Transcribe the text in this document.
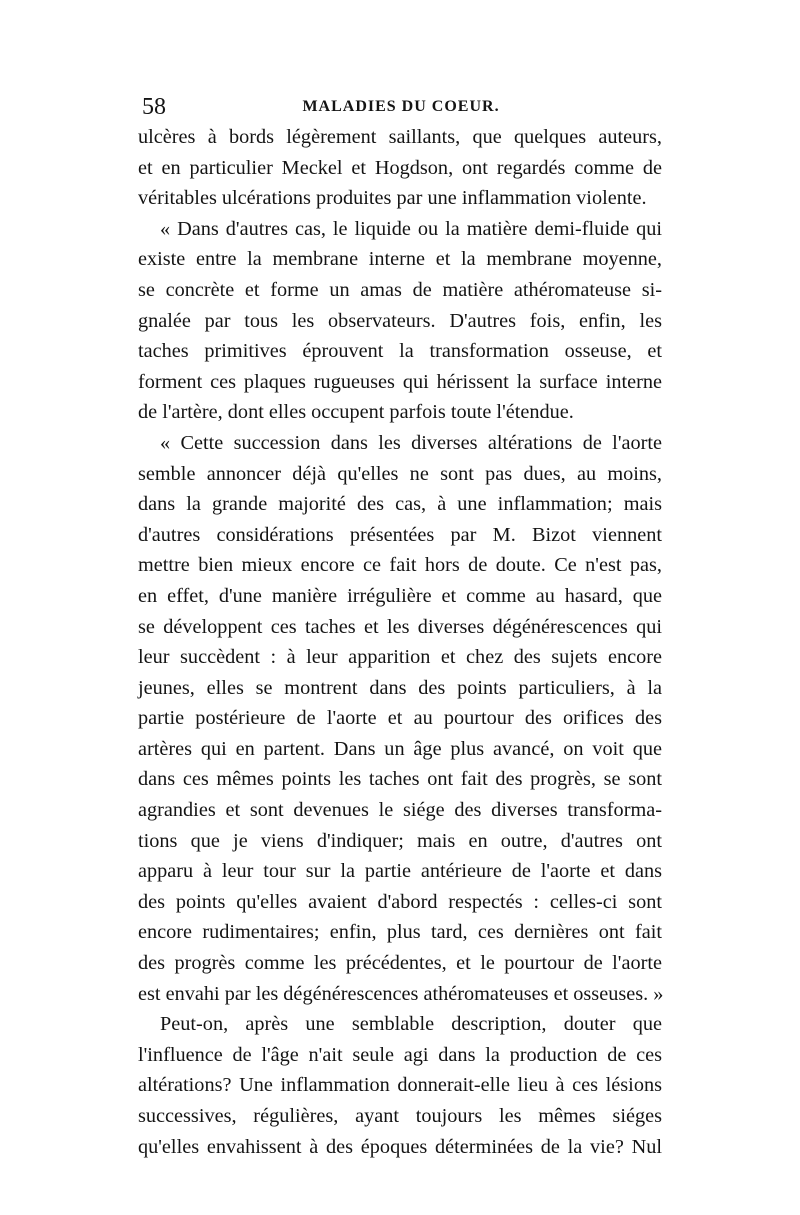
58	MALADIES DU COEUR.

ulcères à bords légèrement saillants, que quelques auteurs,
et en particulier Meckel et Hogdson, ont regardés comme de
véritables ulcérations produites par une inflammation violente.

« Dans d'autres cas, le liquide ou la matière demi-fluide qui
existe entre la membrane interne et la membrane moyenne,
se concrète et forme un amas de matière athéromateuse si-
gnalée par tous les observateurs. D'autres fois, enfin, les
taches primitives éprouvent la transformation osseuse, et
forment ces plaques rugueuses qui hérissent la surface interne
de l'artère, dont elles occupent parfois toute l'étendue.

« Cette succession dans les diverses altérations de l'aorte
semble annoncer déjà qu'elles ne sont pas dues, au moins,
dans la grande majorité des cas, à une inflammation; mais
d'autres considérations présentées par M. Bizot viennent
mettre bien mieux encore ce fait hors de doute. Ce n'est pas,
en effet, d'une manière irrégulière et comme au hasard, que
se développent ces taches et les diverses dégénérescences qui
leur succèdent : à leur apparition et chez des sujets encore
jeunes, elles se montrent dans des points particuliers, à la
partie postérieure de l'aorte et au pourtour des orifices des
artères qui en partent. Dans un âge plus avancé, on voit que
dans ces mêmes points les taches ont fait des progrès, se sont
agrandies et sont devenues le siége des diverses transforma-
tions que je viens d'indiquer; mais en outre, d'autres ont
apparu à leur tour sur la partie antérieure de l'aorte et dans
des points qu'elles avaient d'abord respectés : celles-ci sont
encore rudimentaires; enfin, plus tard, ces dernières ont fait
des progrès comme les précédentes, et le pourtour de l'aorte
est envahi par les dégénérescences athéromateuses et osseuses. »

Peut-on, après une semblable description, douter que
l'influence de l'âge n'ait seule agi dans la production de ces
altérations? Une inflammation donnerait-elle lieu à ces lésions
successives, régulières, ayant toujours les mêmes siéges
qu'elles envahissent à des époques déterminées de la vie? Nul
